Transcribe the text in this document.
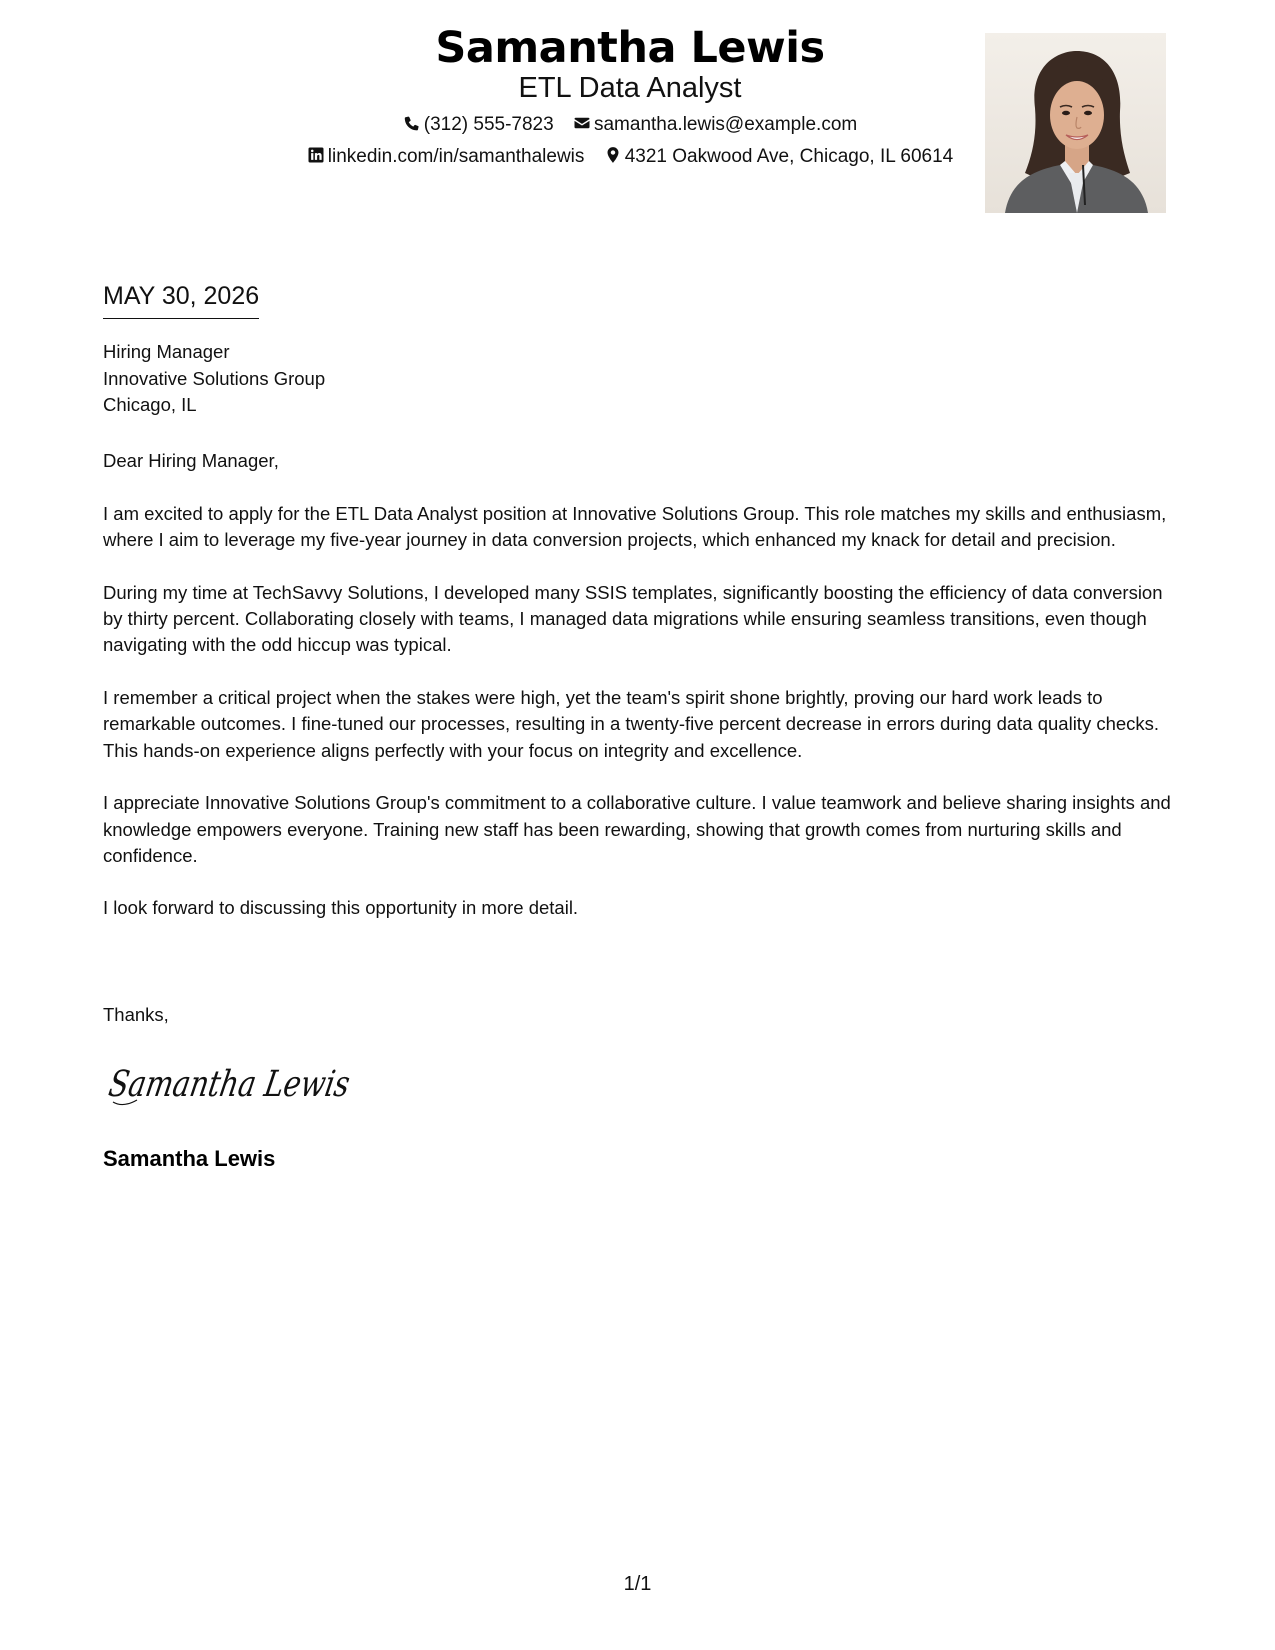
Samantha Lewis
ETL Data Analyst
(312) 555-7823 samantha.lewis@example.com
linkedin.com/in/samanthalewis 4321 Oakwood Ave, Chicago, IL 60614
MAY 30, 2026
Hiring Manager
Innovative Solutions Group
Chicago, IL
Dear Hiring Manager,

I am excited to apply for the ETL Data Analyst position at Innovative Solutions Group. This role matches my skills and enthusiasm, where I aim to leverage my five-year journey in data conversion projects, which enhanced my knack for detail and precision.

During my time at TechSavvy Solutions, I developed many SSIS templates, significantly boosting the efficiency of data conversion by thirty percent. Collaborating closely with teams, I managed data migrations while ensuring seamless transitions, even though navigating with the odd hiccup was typical.

I remember a critical project when the stakes were high, yet the team's spirit shone brightly, proving our hard work leads to remarkable outcomes. I fine-tuned our processes, resulting in a twenty-five percent decrease in errors during data quality checks. This hands-on experience aligns perfectly with your focus on integrity and excellence.

I appreciate Innovative Solutions Group's commitment to a collaborative culture. I value teamwork and believe sharing insights and knowledge empowers everyone. Training new staff has been rewarding, showing that growth comes from nurturing skills and confidence.

I look forward to discussing this opportunity in more detail.

Thanks,
Samantha Lewis
Samantha Lewis
1/1
